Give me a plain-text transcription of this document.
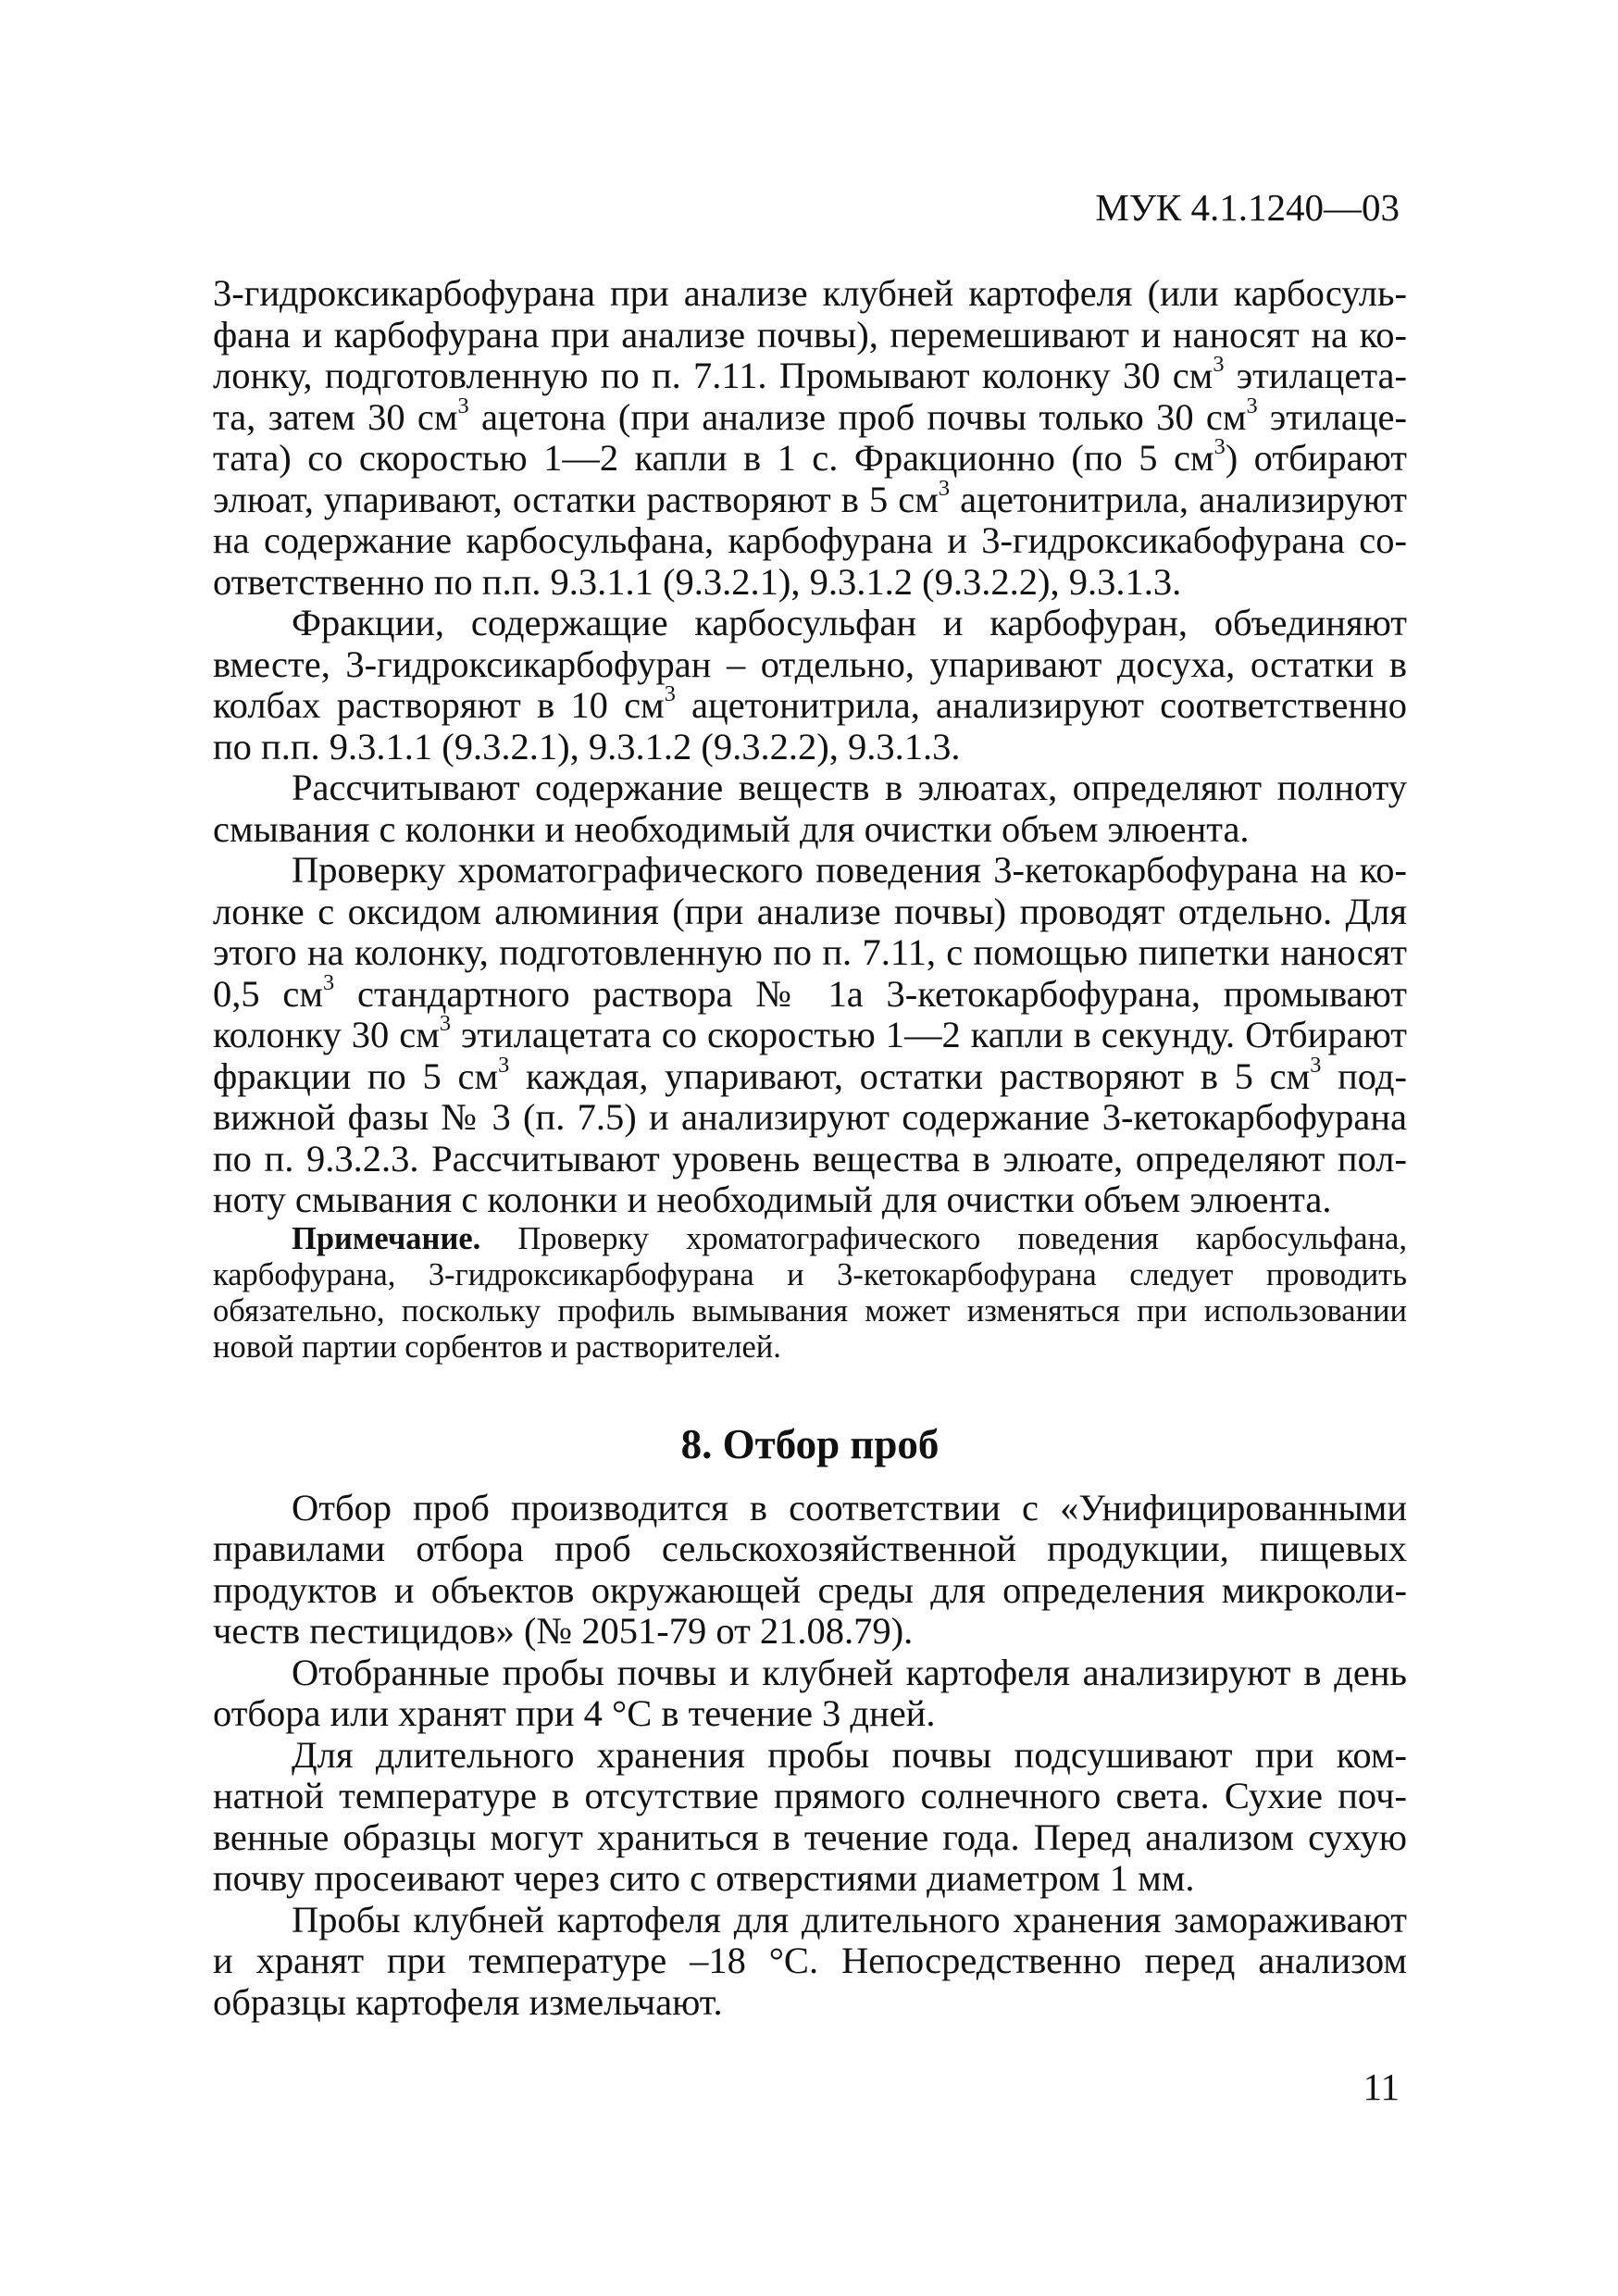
МУК 4.1.1240—03

3-гидроксикарбофурана при анализе клубней картофеля (или карбосульфана и карбофурана при анализе почвы), перемешивают и наносят на колонку, подготовленную по п. 7.11. Промывают колонку 30 $см^3$ этилацетата, затем 30 $см^3$ ацетона (при анализе проб почвы только 30 $см^3$ этилацетата) со скоростью 1—2 капли в 1 с. Фракционно (по 5 $см^3$) отбирают элюат, упаривают, остатки растворяют в 5 $см^3$ ацетонитрила, анализируют на содержание карбосульфана, карбофурана и 3-гидроксикабофурана соответственно по п.п. 9.3.1.1 (9.3.2.1), 9.3.1.2 (9.3.2.2), 9.3.1.3.

Фракции, содержащие карбосульфан и карбофуран, объединяют вместе, 3-гидроксикарбофуран – отдельно, упаривают досуха, остатки в колбах растворяют в 10 $см^3$ ацетонитрила, анализируют соответственно по п.п. 9.3.1.1 (9.3.2.1), 9.3.1.2 (9.3.2.2), 9.3.1.3.

Рассчитывают содержание веществ в элюатах, определяют полноту смывания с колонки и необходимый для очистки объем элюента.

Проверку хроматографического поведения 3-кетокарбофурана на колонке с оксидом алюминия (при анализе почвы) проводят отдельно. Для этого на колонку, подготовленную по п. 7.11, с помощью пипетки наносят 0,5 $см^3$ стандартного раствора № 1а 3-кетокарбофурана, промывают колонку 30 $см^3$ этилацетата со скоростью 1—2 капли в секунду. Отбирают фракции по 5 $см^3$ каждая, упаривают, остатки растворяют в 5 $см^3$ подвижной фазы № 3 (п. 7.5) и анализируют содержание 3-кетокарбофурана по п. 9.3.2.3. Рассчитывают уровень вещества в элюате, определяют полноту смывания с колонки и необходимый для очистки объем элюента.

Примечание. Проверку хроматографического поведения карбосульфана, карбофурана, 3-гидроксикарбофурана и 3-кетокарбофурана следует проводить обязательно, поскольку профиль вымывания может изменяться при использовании новой партии сорбентов и растворителей.

8. Отбор проб

Отбор проб производится в соответствии с «Унифицированными правилами отбора проб сельскохозяйственной продукции, пищевых продуктов и объектов окружающей среды для определения микроколичеств пестицидов» (№ 2051-79 от 21.08.79).

Отобранные пробы почвы и клубней картофеля анализируют в день отбора или хранят при 4 °С в течение 3 дней.

Для длительного хранения пробы почвы подсушивают при комнатной температуре в отсутствие прямого солнечного света. Сухие почвенные образцы могут храниться в течение года. Перед анализом сухую почву просеивают через сито с отверстиями диаметром 1 мм.

Пробы клубней картофеля для длительного хранения замораживают и хранят при температуре –18 °С. Непосредственно перед анализом образцы картофеля измельчают.

11
